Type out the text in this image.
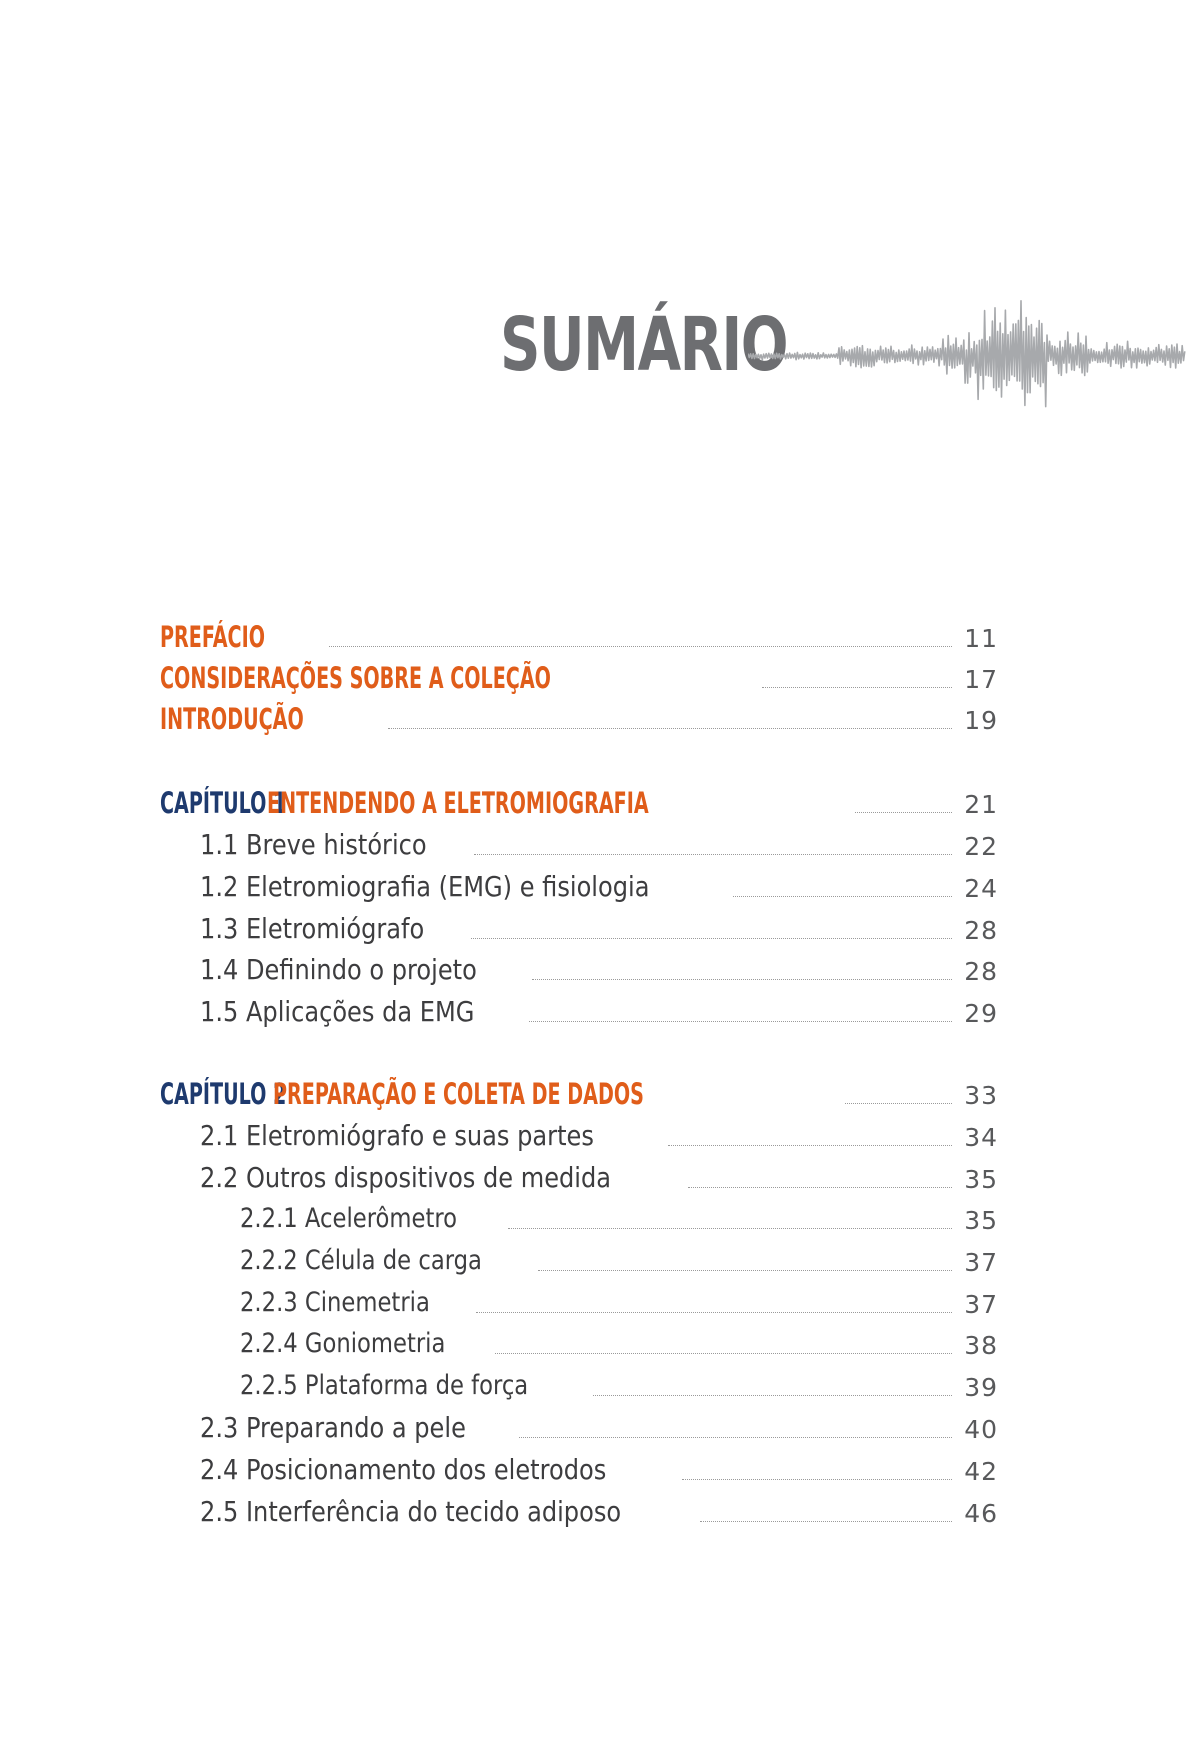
SUMÁRIO
PREFÁCIO	11
CONSIDERAÇÕES SOBRE A COLEÇÃO	17
INTRODUÇÃO	19
CAPÍTULO 1 ENTENDENDO A ELETROMIOGRAFIA	21
1.1 Breve histórico	22
1.2 Eletromiografia (EMG) e fisiologia	24
1.3 Eletromiógrafo	28
1.4 Definindo o projeto	28
1.5 Aplicações da EMG	29
CAPÍTULO 2 PREPARAÇÃO E COLETA DE DADOS	33
2.1 Eletromiógrafo e suas partes	34
2.2 Outros dispositivos de medida	35
2.2.1 Acelerômetro	35
2.2.2 Célula de carga	37
2.2.3 Cinemetria	37
2.2.4 Goniometria	38
2.2.5 Plataforma de força	39
2.3 Preparando a pele	40
2.4 Posicionamento dos eletrodos	42
2.5 Interferência do tecido adiposo	46
